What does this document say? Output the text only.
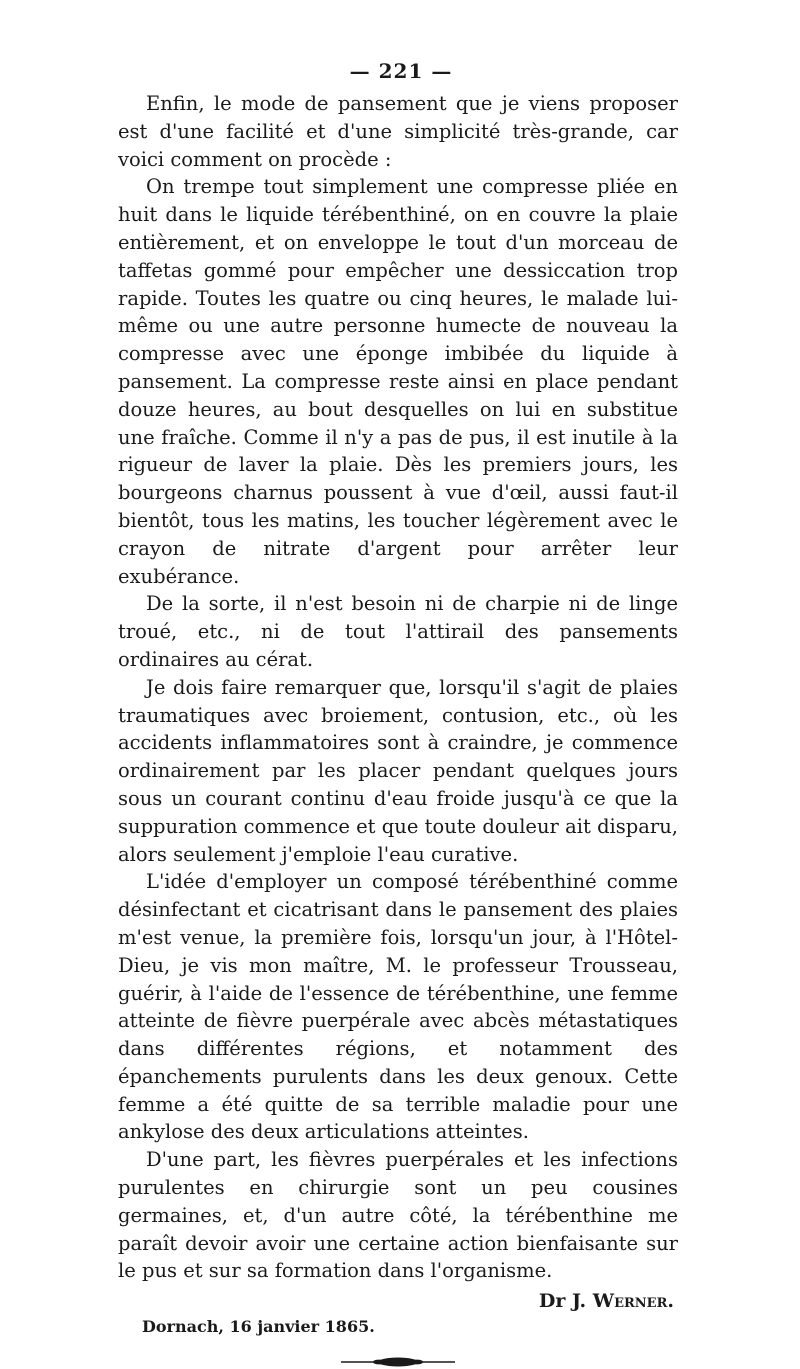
— 221 —

Enfin, le mode de pansement que je viens proposer est d'une facilité et d'une simplicité très-grande, car voici comment on procède :

On trempe tout simplement une compresse pliée en huit dans le liquide térébenthiné, on en couvre la plaie entièrement, et on enveloppe le tout d'un morceau de taffetas gommé pour empêcher une dessiccation trop rapide. Toutes les quatre ou cinq heures, le malade lui-même ou une autre personne humecte de nouveau la compresse avec une éponge imbibée du liquide à pansement. La compresse reste ainsi en place pendant douze heures, au bout desquelles on lui en substitue une fraîche. Comme il n'y a pas de pus, il est inutile à la rigueur de laver la plaie. Dès les premiers jours, les bourgeons charnus poussent à vue d'œil, aussi faut-il bientôt, tous les matins, les toucher légèrement avec le crayon de nitrate d'argent pour arrêter leur exubérance.

De la sorte, il n'est besoin ni de charpie ni de linge troué, etc., ni de tout l'attirail des pansements ordinaires au cérat.

Je dois faire remarquer que, lorsqu'il s'agit de plaies traumatiques avec broiement, contusion, etc., où les accidents inflammatoires sont à craindre, je commence ordinairement par les placer pendant quelques jours sous un courant continu d'eau froide jusqu'à ce que la suppuration commence et que toute douleur ait disparu, alors seulement j'emploie l'eau curative.

L'idée d'employer un composé térébenthiné comme désinfectant et cicatrisant dans le pansement des plaies m'est venue, la première fois, lorsqu'un jour, à l'Hôtel-Dieu, je vis mon maître, M. le professeur Trousseau, guérir, à l'aide de l'essence de térébenthine, une femme atteinte de fièvre puerpérale avec abcès métastatiques dans différentes régions, et notamment des épanchements purulents dans les deux genoux. Cette femme a été quitte de sa terrible maladie pour une ankylose des deux articulations atteintes.

D'une part, les fièvres puerpérales et les infections purulentes en chirurgie sont un peu cousines germaines, et, d'un autre côté, la térébenthine me paraît devoir avoir une certaine action bienfaisante sur le pus et sur sa formation dans l'organisme.

Dr J. Werner.
Dornach, 16 janvier 1865.
